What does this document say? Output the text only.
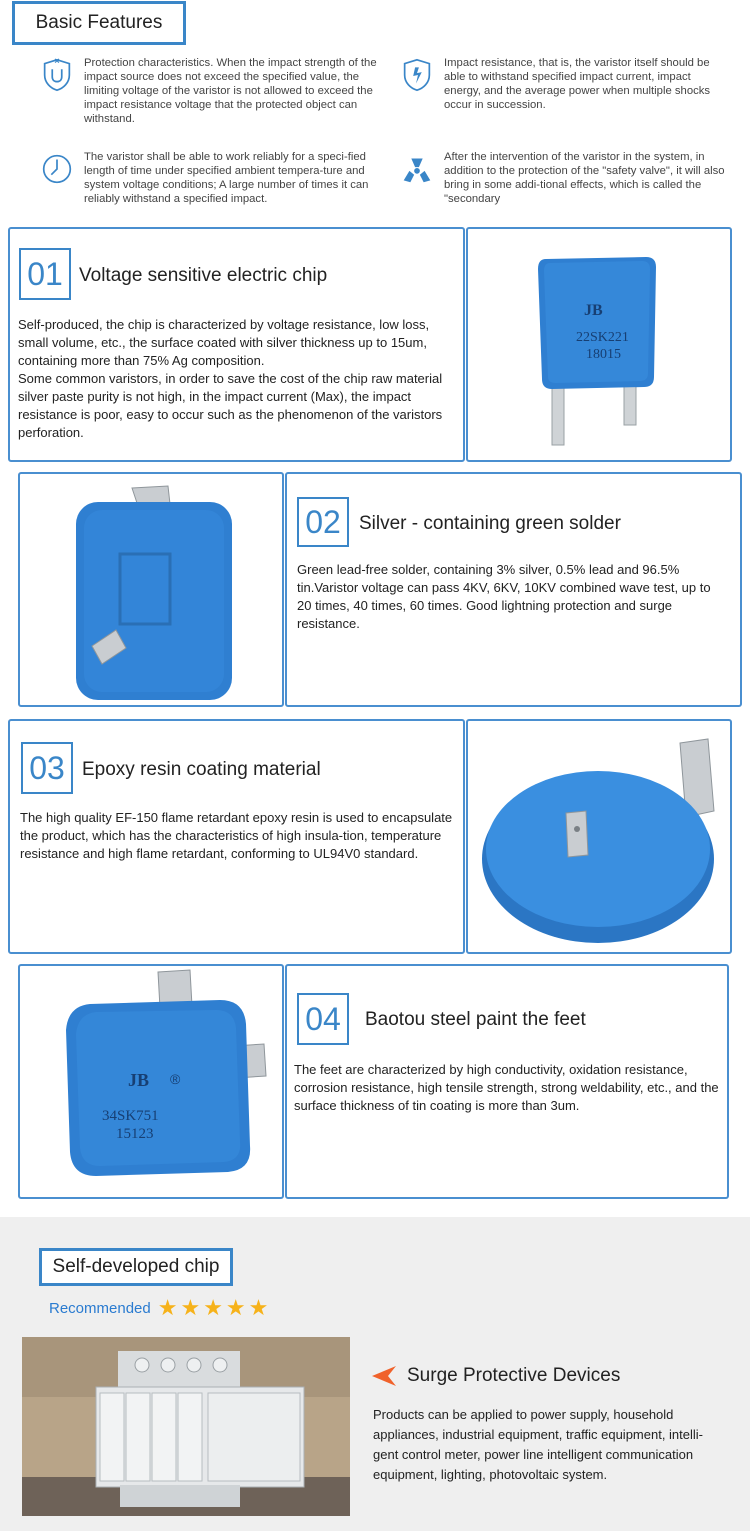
Basic Features

Protection characteristics. When the impact strength of the impact source does not exceed the specified value, the limiting voltage of the varistor is not allowed to exceed the impact resistance voltage that the protected object can withstand.

Impact resistance, that is, the varistor itself should be able to withstand specified impact current, impact energy, and the average power when multiple shocks occur in succession.

The varistor shall be able to work reliably for a speci-fied length of time under specified ambient tempera-ture and system voltage conditions; A large number of times it can reliably withstand a specified impact.

After the intervention of the varistor in the system, in addition to the protection of the "safety valve", it will also bring in some addi-tional effects, which is called the "secondary

01 Voltage sensitive electric chip
Self-produced, the chip is characterized by voltage resistance, low loss, small volume, etc., the surface coated with silver thickness up to 15um, containing more than 75% Ag composition.
Some common varistors, in order to save the cost of the chip raw material silver paste purity is not high, in the impact current (Max), the impact resistance is poor, easy to occur such as the phenomenon of the varistors perforation.
JB
22SK221
18015
02 Silver - containing green solder
Green lead-free solder, containing 3% silver, 0.5% lead and 96.5% tin.Varistor voltage can pass 4KV, 6KV, 10KV combined wave test, up to 20 times, 40 times, 60 times. Good lightning protection and surge resistance.
03 Epoxy resin coating material
The high quality EF-150 flame retardant epoxy resin is used to encapsulate the product, which has the characteristics of high insula-tion, temperature resistance and high flame retardant, conforming to UL94V0 standard.
JB ®
34SK751
15123
04	Baotou steel paint the feet
The feet are characterized by high conductivity, oxidation resistance, corrosion resistance, high tensile strength, strong weldability, etc., and the surface thickness of tin coating is more than 3um.
Self-developed chip
Recommended ★ ★ ★ ★ ★
Surge Protective Devices
Products can be applied to power supply, household appliances, industrial equipment, traffic equipment, intelli-gent control meter, power line intelligent communication equipment, lighting, photovoltaic system.
